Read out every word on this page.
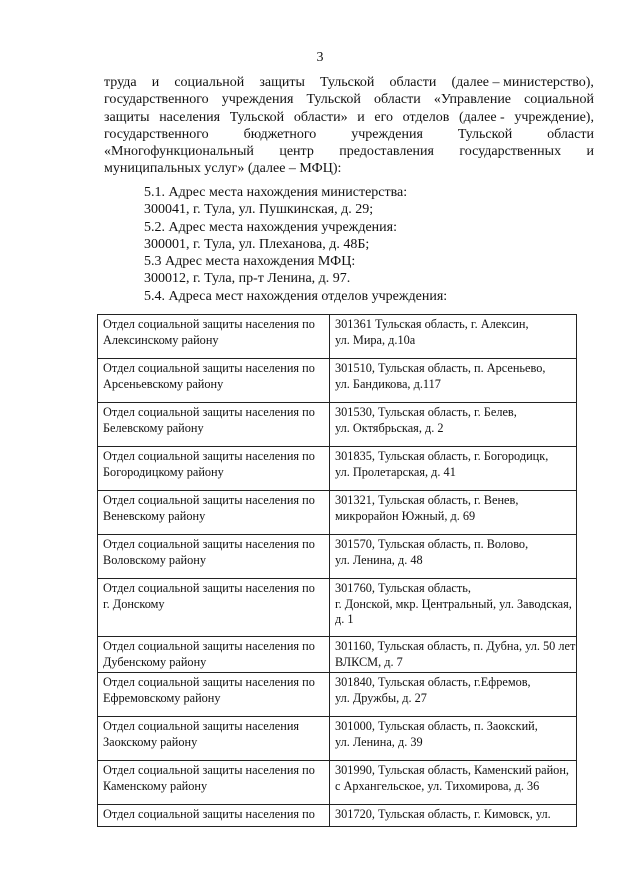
3
труда и социальной защиты Тульской области (далее – министерство),
государственного учреждения Тульской области «Управление социальной
защиты населения Тульской области» и его отделов (далее - учреждение),
государственного бюджетного учреждения Тульской области
«Многофункциональный центр предоставления государственных и
муниципальных услуг» (далее – МФЦ):
5.1. Адрес места нахождения министерства:
300041, г. Тула, ул. Пушкинская, д. 29;
5.2. Адрес места нахождения учреждения:
300001, г. Тула, ул. Плеханова, д. 48Б;
5.3 Адрес места нахождения МФЦ:
300012, г. Тула, пр-т Ленина, д. 97.
5.4. Адреса мест нахождения отделов учреждения:
Отдел социальной защиты населения по
Алексинскому району	301361 Тульская область, г. Алексин,
ул. Мира, д.10а

Отдел социальной защиты населения по
Арсеньевскому району	301510, Тульская область, п. Арсеньево,
ул. Бандикова, д.117

Отдел социальной защиты населения по
Белевскому району	301530, Тульская область, г. Белев,
ул. Октябрьская, д. 2

Отдел социальной защиты населения по
Богородицкому району	301835, Тульская область, г. Богородицк,
ул. Пролетарская, д. 41

Отдел социальной защиты населения по
Веневскому району	301321, Тульская область, г. Венев,
микрорайон Южный, д. 69

Отдел социальной защиты населения по
Воловскому району	301570, Тульская область, п. Волово,
ул. Ленина, д. 48

Отдел социальной защиты населения по
г. Донскому	301760, Тульская область,
г. Донской, мкр. Центральный, ул. Заводская,
д. 1

Отдел социальной защиты населения по
Дубенскому району	301160, Тульская область, п. Дубна, ул. 50 лет
ВЛКСМ, д. 7

Отдел социальной защиты населения по
Ефремовскому району	301840, Тульская область, г.Ефремов,
ул. Дружбы, д. 27

Отдел социальной защиты населения
Заокскому району	301000, Тульская область, п. Заокский,
ул. Ленина, д. 39

Отдел социальной защиты населения по
Каменскому району	301990, Тульская область, Каменский район,
с Архангельское, ул. Тихомирова, д. 36

Отдел социальной защиты населения по	301720, Тульская область, г. Кимовск, ул.
